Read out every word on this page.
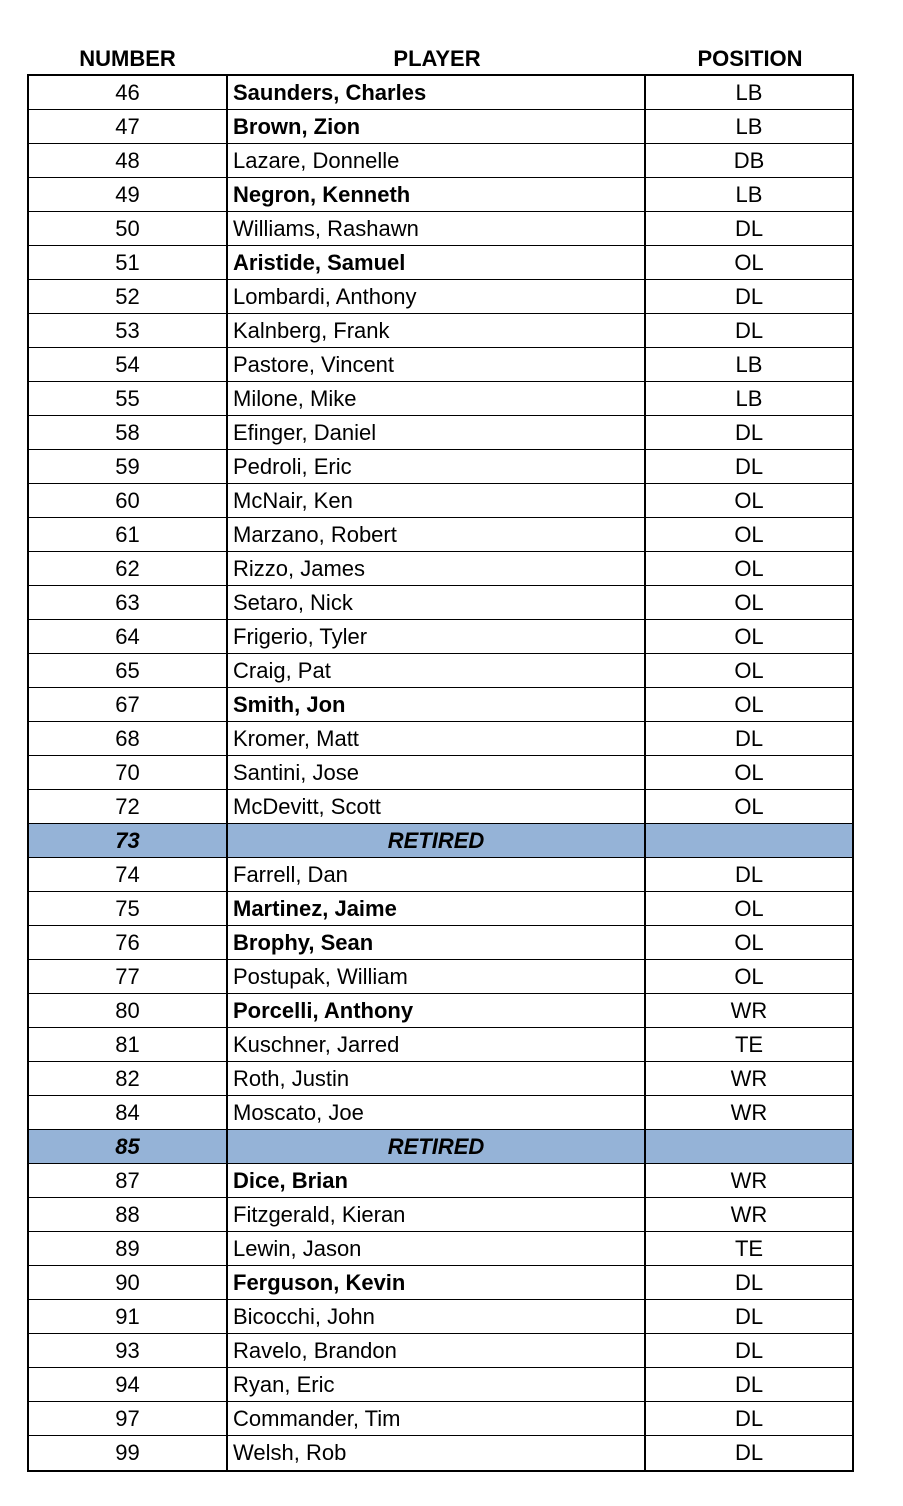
NUMBER	PLAYER	POSITION
46	Saunders, Charles	LB
47	Brown, Zion	LB
48	Lazare, Donnelle	DB
49	Negron, Kenneth	LB
50	Williams, Rashawn	DL
51	Aristide, Samuel	OL
52	Lombardi, Anthony	DL
53	Kalnberg, Frank	DL
54	Pastore, Vincent	LB
55	Milone, Mike	LB
58	Efinger, Daniel	DL
59	Pedroli, Eric	DL
60	McNair, Ken	OL
61	Marzano, Robert	OL
62	Rizzo, James	OL
63	Setaro, Nick	OL
64	Frigerio, Tyler	OL
65	Craig, Pat	OL
67	Smith, Jon	OL
68	Kromer, Matt	DL
70	Santini, Jose	OL
72	McDevitt, Scott	OL
73	RETIRED
74	Farrell, Dan	DL
75	Martinez, Jaime	OL
76	Brophy, Sean	OL
77	Postupak, William	OL
80	Porcelli, Anthony	WR
81	Kuschner, Jarred	TE
82	Roth, Justin	WR
84	Moscato, Joe	WR
85	RETIRED
87	Dice, Brian	WR
88	Fitzgerald, Kieran	WR
89	Lewin, Jason	TE
90	Ferguson, Kevin	DL
91	Bicocchi, John	DL
93	Ravelo, Brandon	DL
94	Ryan, Eric	DL
97	Commander, Tim	DL
99	Welsh, Rob	DL
